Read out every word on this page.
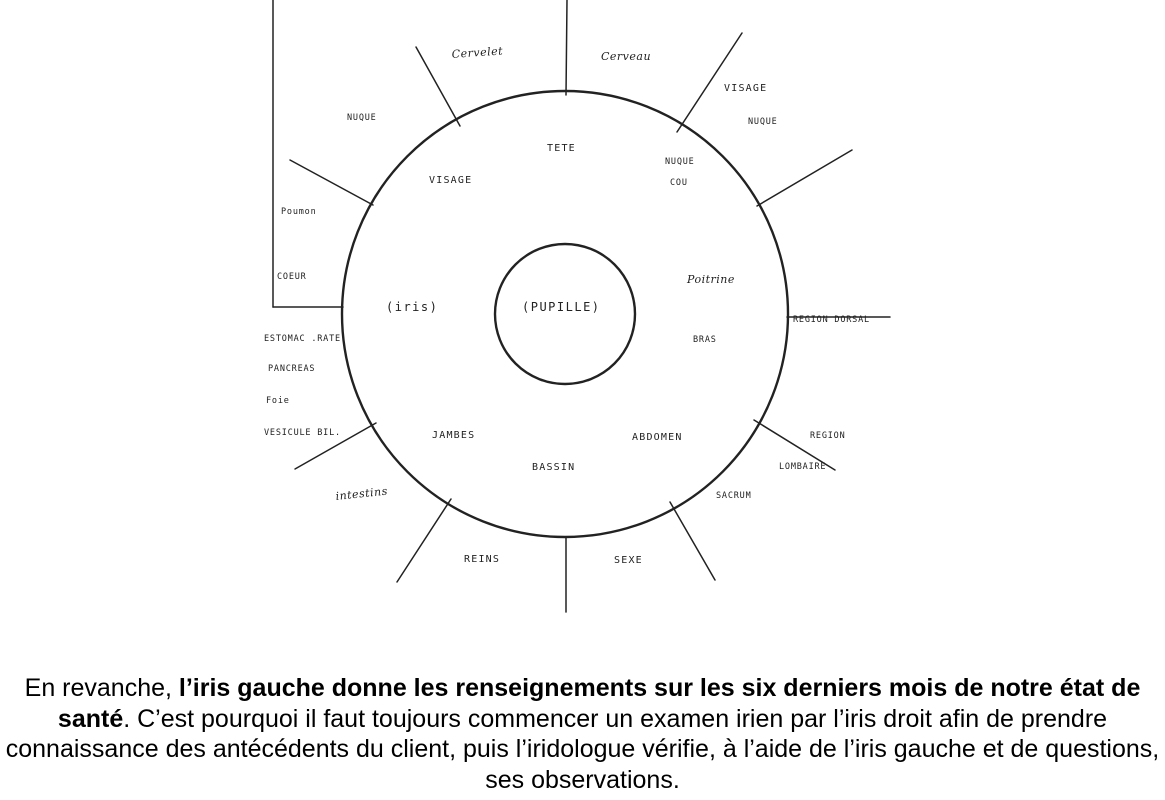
Cervelet	Cerveau
VISAGE
NUQUE
NUQUE
Poumon
COEUR
ESTOMAC .RATE
PANCREAS
Foie
VESICULE BIL.
intestins
REINS	SEXE
SACRUM
REGION
LOMBAIRE
REGION DORSAL
TETE
VISAGE
NUQUE
COU
Poitrine
BRAS
(iris)	(PUPILLE)
JAMBES
BASSIN
ABDOMEN

En revanche, l’iris gauche donne les renseignements sur les six derniers mois de notre état de santé. C’est pourquoi il faut toujours commencer un examen irien par l’iris droit afin de prendre connaissance des antécédents du client, puis l’iridologue vérifie, à l’aide de l’iris gauche et de questions, ses observations.
